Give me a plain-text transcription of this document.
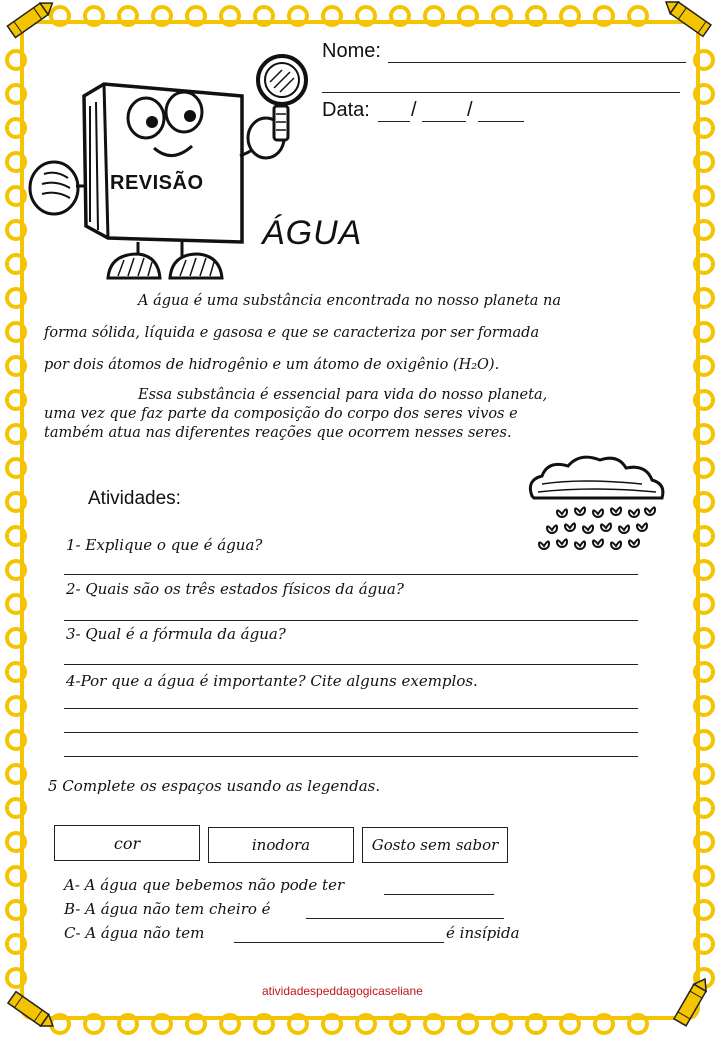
Nome:
Data: /	/
REVISÃO
ÁGUA
A água é uma substância encontrada no nosso planeta na
forma sólida, líquida e gasosa e que se caracteriza por ser formada
por dois átomos de hidrogênio e um átomo de oxigênio (H₂O).
Essa substância é essencial para vida do nosso planeta,
uma vez que faz parte da composição do corpo dos seres vivos e
também atua nas diferentes reações que ocorrem nesses seres.
Atividades:
1- Explique o que é água?
2- Quais são os três estados físicos da água?
3- Qual é a fórmula da água?
4-Por que a água é importante? Cite alguns exemplos.
5 Complete os espaços usando as legendas.
cor	inodora	Gosto sem sabor
A- A água que bebemos não pode ter
B- A água não tem cheiro é
C- A água não tem	é insípida
atividadespeddagogicaseliane
